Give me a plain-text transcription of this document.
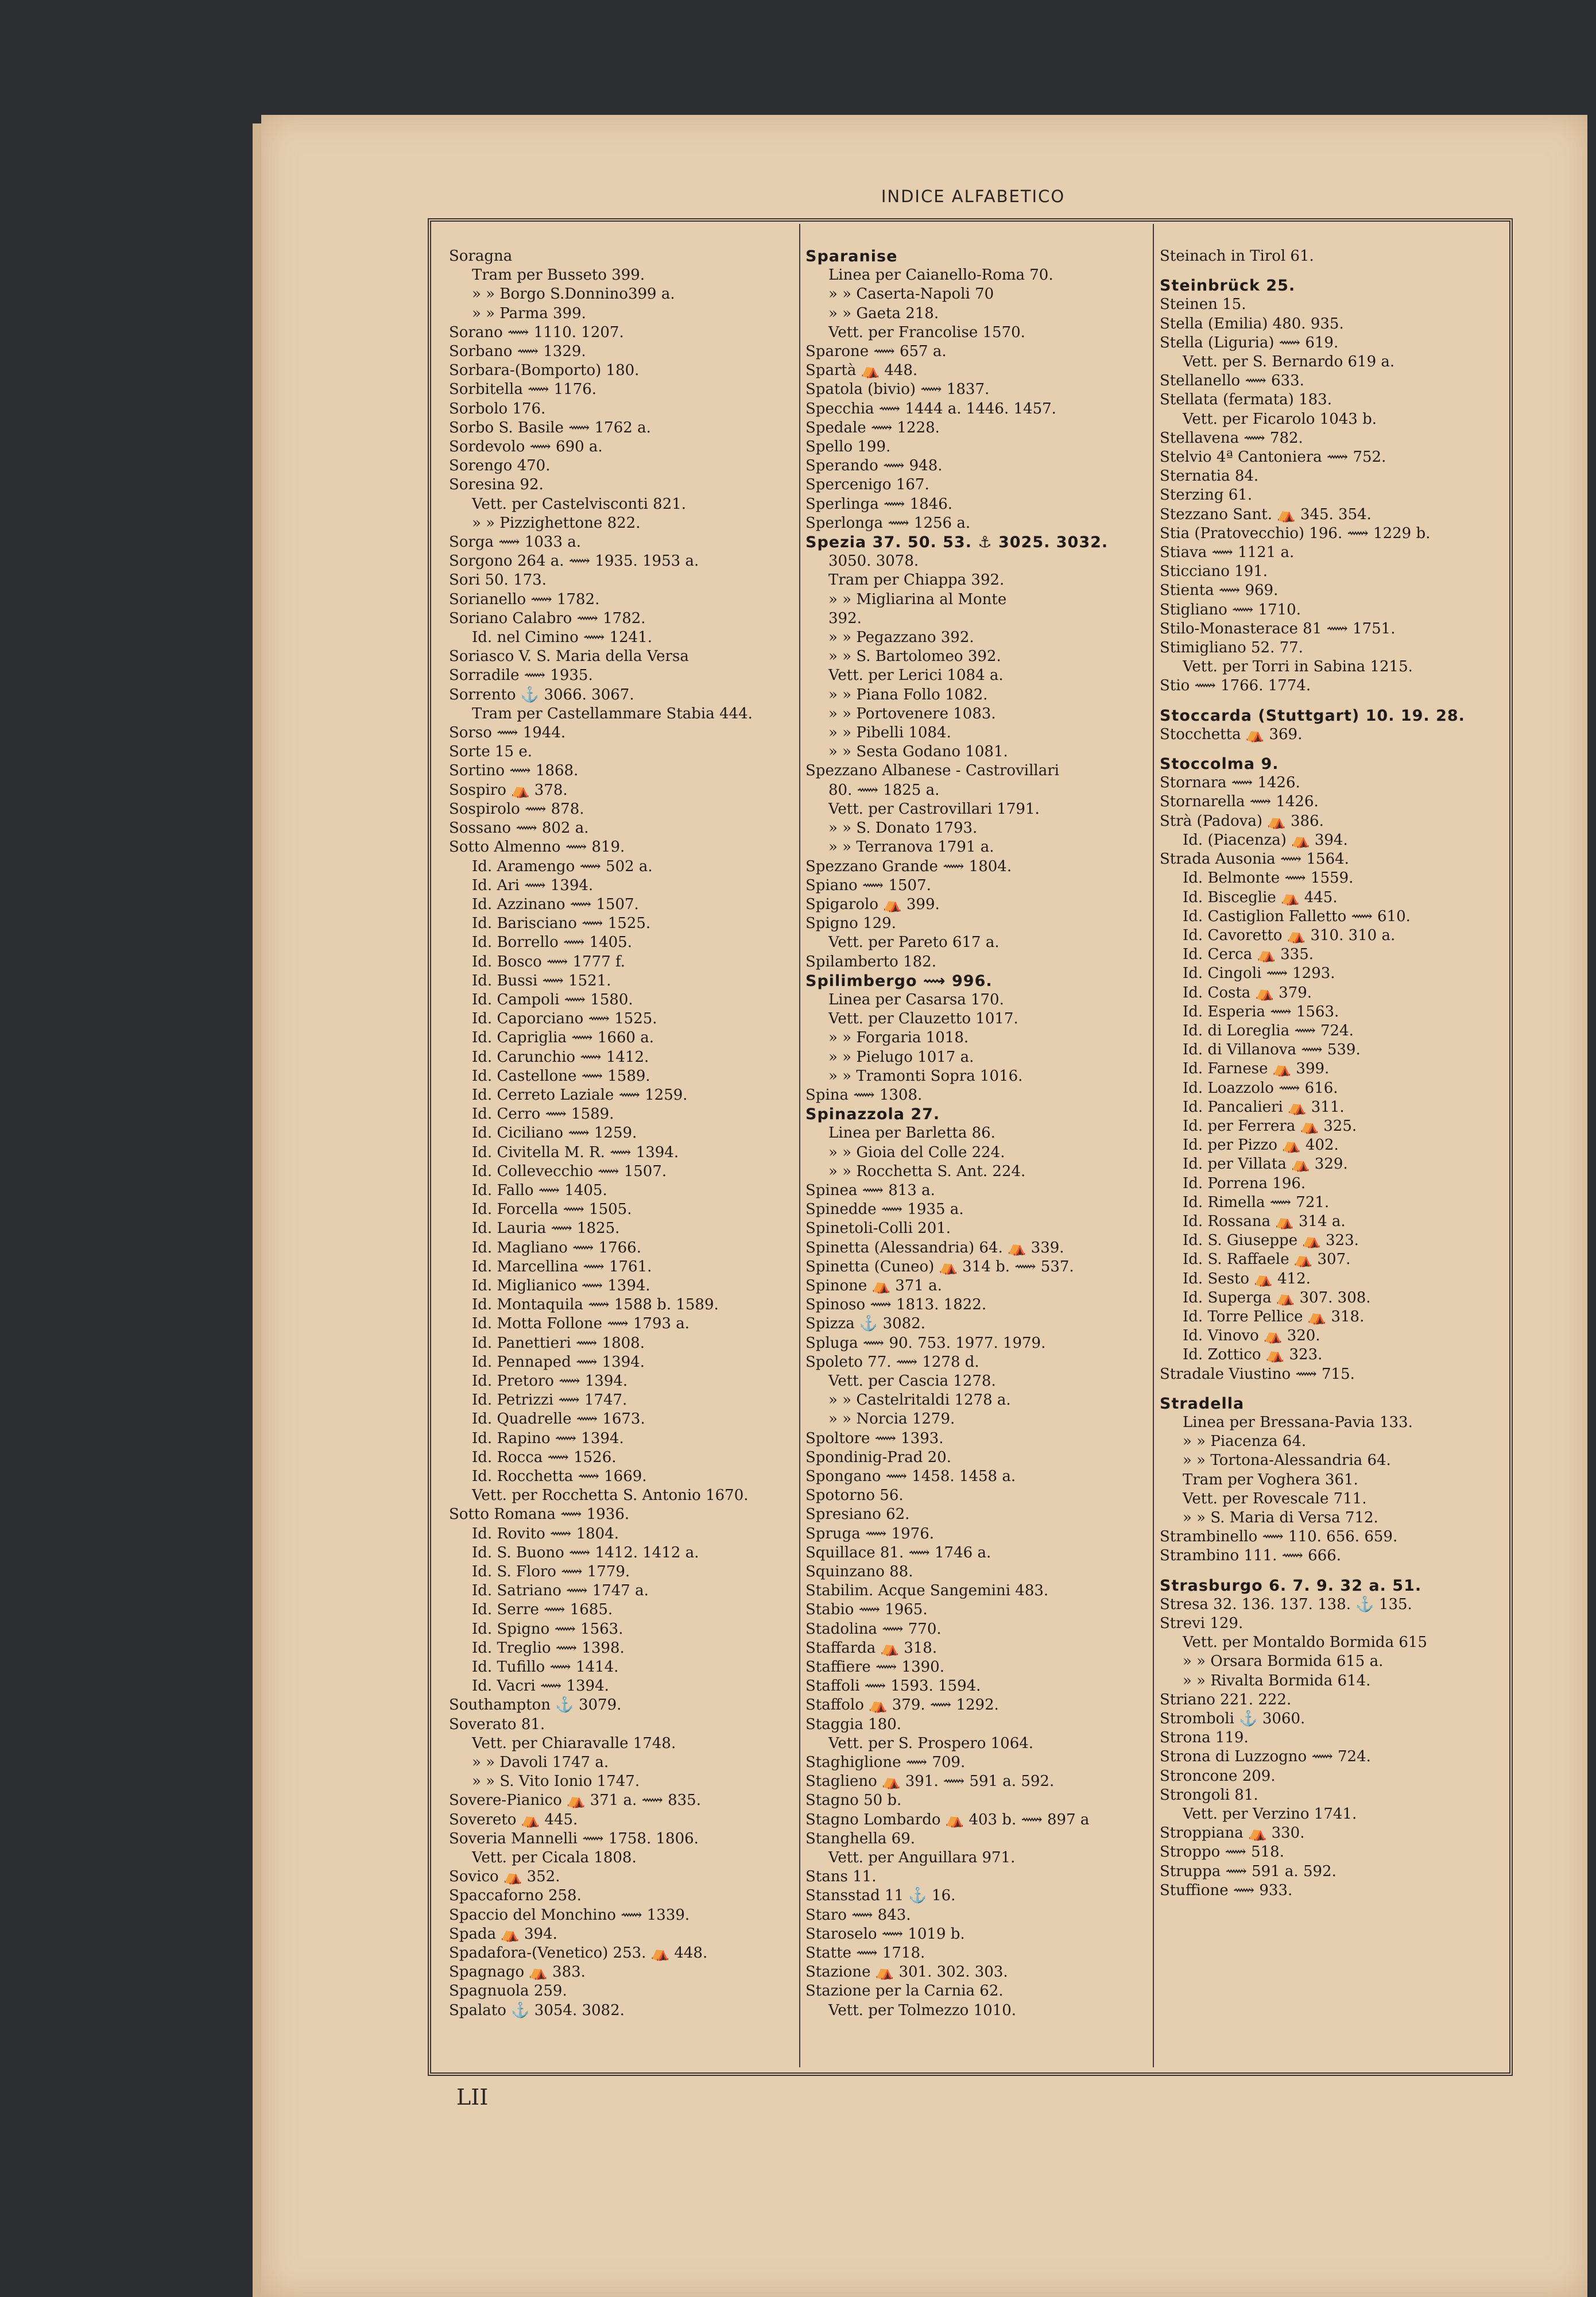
INDICE ALFABETICO
Soragna
Tram per Busseto 399.
» » Borgo S.Donnino399 a.
» » Parma 399.
Sorano ⟿ 1110. 1207.
Sorbano ⟿ 1329.
Sorbara-(Bomporto) 180.
Sorbitella ⟿ 1176.
Sorbolo 176.
Sorbo S. Basile ⟿ 1762 a.
Sordevolo ⟿ 690 a.
Sorengo 470.
Soresina 92.
Vett. per Castelvisconti 821.
» » Pizzighettone 822.
Sorga ⟿ 1033 a.
Sorgono 264 a. ⟿ 1935. 1953 a.
Sori 50. 173.
Sorianello ⟿ 1782.
Soriano Calabro ⟿ 1782.
Id. nel Cimino ⟿ 1241.
Soriasco V. S. Maria della Versa
Sorradile ⟿ 1935.
Sorrento ⚓ 3066. 3067.
Tram per Castellammare Stabia 444.
Sorso ⟿ 1944.
Sorte 15 e.
Sortino ⟿ 1868.
Sospiro ⛺ 378.
Sospirolo ⟿ 878.
Sossano ⟿ 802 a.
Sotto Almenno ⟿ 819.
Id. Aramengo ⟿ 502 a.
Id. Ari ⟿ 1394.
Id. Azzinano ⟿ 1507.
Id. Barisciano ⟿ 1525.
Id. Borrello ⟿ 1405.
Id. Bosco ⟿ 1777 f.
Id. Bussi ⟿ 1521.
Id. Campoli ⟿ 1580.
Id. Caporciano ⟿ 1525.
Id. Capriglia ⟿ 1660 a.
Id. Carunchio ⟿ 1412.
Id. Castellone ⟿ 1589.
Id. Cerreto Laziale ⟿ 1259.
Id. Cerro ⟿ 1589.
Id. Ciciliano ⟿ 1259.
Id. Civitella M. R. ⟿ 1394.
Id. Collevecchio ⟿ 1507.
Id. Fallo ⟿ 1405.
Id. Forcella ⟿ 1505.
Id. Lauria ⟿ 1825.
Id. Magliano ⟿ 1766.
Id. Marcellina ⟿ 1761.
Id. Miglianico ⟿ 1394.
Id. Montaquila ⟿ 1588 b. 1589.
Id. Motta Follone ⟿ 1793 a.
Id. Panettieri ⟿ 1808.
Id. Pennaped ⟿ 1394.
Id. Pretoro ⟿ 1394.
Id. Petrizzi ⟿ 1747.
Id. Quadrelle ⟿ 1673.
Id. Rapino ⟿ 1394.
Id. Rocca ⟿ 1526.
Id. Rocchetta ⟿ 1669.
Vett. per Rocchetta S. Antonio 1670.
Sotto Romana ⟿ 1936.
Id. Rovito ⟿ 1804.
Id. S. Buono ⟿ 1412. 1412 a.
Id. S. Floro ⟿ 1779.
Id. Satriano ⟿ 1747 a.
Id. Serre ⟿ 1685.
Id. Spigno ⟿ 1563.
Id. Treglio ⟿ 1398.
Id. Tufillo ⟿ 1414.
Id. Vacri ⟿ 1394.
Southampton ⚓ 3079.
Soverato 81.
Vett. per Chiaravalle 1748.
» » Davoli 1747 a.
» » S. Vito Ionio 1747.
Sovere-Pianico ⛺ 371 a. ⟿ 835.
Sovereto ⛺ 445.
Soveria Mannelli ⟿ 1758. 1806.
Vett. per Cicala 1808.
Sovico ⛺ 352.
Spaccaforno 258.
Spaccio del Monchino ⟿ 1339.
Spada ⛺ 394.
Spadafora-(Venetico) 253. ⛺ 448.
Spagnago ⛺ 383.
Spagnuola 259.
Spalato ⚓ 3054. 3082.
Sparanise
Linea per Caianello-Roma 70.
» » Caserta-Napoli 70
» » Gaeta 218.
Vett. per Francolise 1570.
Sparone ⟿ 657 a.
Spartà ⛺ 448.
Spatola (bivio) ⟿ 1837.
Specchia ⟿ 1444 a. 1446. 1457.
Spedale ⟿ 1228.
Spello 199.
Sperando ⟿ 948.
Spercenigo 167.
Sperlinga ⟿ 1846.
Sperlonga ⟿ 1256 a.
Spezia 37. 50. 53. ⚓ 3025. 3032.
3050. 3078.
Tram per Chiappa 392.
» » Migliarina al Monte
392.
» » Pegazzano 392.
» » S. Bartolomeo 392.
Vett. per Lerici 1084 a.
» » Piana Follo 1082.
» » Portovenere 1083.
» » Pibelli 1084.
» » Sesta Godano 1081.
Spezzano Albanese - Castrovillari
80. ⟿ 1825 a.
Vett. per Castrovillari 1791.
» » S. Donato 1793.
» » Terranova 1791 a.
Spezzano Grande ⟿ 1804.
Spiano ⟿ 1507.
Spigarolo ⛺ 399.
Spigno 129.
Vett. per Pareto 617 a.
Spilamberto 182.
Spilimbergo ⟿ 996.
Linea per Casarsa 170.
Vett. per Clauzetto 1017.
» » Forgaria 1018.
» » Pielugo 1017 a.
» » Tramonti Sopra 1016.
Spina ⟿ 1308.
Spinazzola 27.
Linea per Barletta 86.
» » Gioia del Colle 224.
» » Rocchetta S. Ant. 224.
Spinea ⟿ 813 a.
Spinedde ⟿ 1935 a.
Spinetoli-Colli 201.
Spinetta (Alessandria) 64. ⛺ 339.
Spinetta (Cuneo) ⛺ 314 b. ⟿ 537.
Spinone ⛺ 371 a.
Spinoso ⟿ 1813. 1822.
Spizza ⚓ 3082.
Spluga ⟿ 90. 753. 1977. 1979.
Spoleto 77. ⟿ 1278 d.
Vett. per Cascia 1278.
» » Castelritaldi 1278 a.
» » Norcia 1279.
Spoltore ⟿ 1393.
Spondinig-Prad 20.
Spongano ⟿ 1458. 1458 a.
Spotorno 56.
Spresiano 62.
Spruga ⟿ 1976.
Squillace 81. ⟿ 1746 a.
Squinzano 88.
Stabilim. Acque Sangemini 483.
Stabio ⟿ 1965.
Stadolina ⟿ 770.
Staffarda ⛺ 318.
Staffiere ⟿ 1390.
Staffoli ⟿ 1593. 1594.
Staffolo ⛺ 379. ⟿ 1292.
Staggia 180.
Vett. per S. Prospero 1064.
Staghiglione ⟿ 709.
Staglieno ⛺ 391. ⟿ 591 a. 592.
Stagno 50 b.
Stagno Lombardo ⛺ 403 b. ⟿ 897 a
Stanghella 69.
Vett. per Anguillara 971.
Stans 11.
Stansstad 11 ⚓ 16.
Staro ⟿ 843.
Staroselo ⟿ 1019 b.
Statte ⟿ 1718.
Stazione ⛺ 301. 302. 303.
Stazione per la Carnia 62.
Vett. per Tolmezzo 1010.
Steinach in Tirol 61.
Steinbrück 25.
Steinen 15.
Stella (Emilia) 480. 935.
Stella (Liguria) ⟿ 619.
Vett. per S. Bernardo 619 a.
Stellanello ⟿ 633.
Stellata (fermata) 183.
Vett. per Ficarolo 1043 b.
Stellavena ⟿ 782.
Stelvio 4ª Cantoniera ⟿ 752.
Sternatia 84.
Sterzing 61.
Stezzano Sant. ⛺ 345. 354.
Stia (Pratovecchio) 196. ⟿ 1229 b.
Stiava ⟿ 1121 a.
Sticciano 191.
Stienta ⟿ 969.
Stigliano ⟿ 1710.
Stilo-Monasterace 81 ⟿ 1751.
Stimigliano 52. 77.
Vett. per Torri in Sabina 1215.
Stio ⟿ 1766. 1774.
Stoccarda (Stuttgart) 10. 19. 28.
Stocchetta ⛺ 369.
Stoccolma 9.
Stornara ⟿ 1426.
Stornarella ⟿ 1426.
Strà (Padova) ⛺ 386.
Id. (Piacenza) ⛺ 394.
Strada Ausonia ⟿ 1564.
Id. Belmonte ⟿ 1559.
Id. Bisceglie ⛺ 445.
Id. Castiglion Falletto ⟿ 610.
Id. Cavoretto ⛺ 310. 310 a.
Id. Cerca ⛺ 335.
Id. Cingoli ⟿ 1293.
Id. Costa ⛺ 379.
Id. Esperia ⟿ 1563.
Id. di Loreglia ⟿ 724.
Id. di Villanova ⟿ 539.
Id. Farnese ⛺ 399.
Id. Loazzolo ⟿ 616.
Id. Pancalieri ⛺ 311.
Id. per Ferrera ⛺ 325.
Id. per Pizzo ⛺ 402.
Id. per Villata ⛺ 329.
Id. Porrena 196.
Id. Rimella ⟿ 721.
Id. Rossana ⛺ 314 a.
Id. S. Giuseppe ⛺ 323.
Id. S. Raffaele ⛺ 307.
Id. Sesto ⛺ 412.
Id. Superga ⛺ 307. 308.
Id. Torre Pellice ⛺ 318.
Id. Vinovo ⛺ 320.
Id. Zottico ⛺ 323.
Stradale Viustino ⟿ 715.
Stradella
Linea per Bressana-Pavia 133.
» » Piacenza 64.
» » Tortona-Alessandria 64.
Tram per Voghera 361.
Vett. per Rovescale 711.
» » S. Maria di Versa 712.
Strambinello ⟿ 110. 656. 659.
Strambino 111. ⟿ 666.
Strasburgo 6. 7. 9. 32 a. 51.
Stresa 32. 136. 137. 138. ⚓ 135.
Strevi 129.
Vett. per Montaldo Bormida 615
» » Orsara Bormida 615 a.
» » Rivalta Bormida 614.
Striano 221. 222.
Stromboli ⚓ 3060.
Strona 119.
Strona di Luzzogno ⟿ 724.
Stroncone 209.
Strongoli 81.
Vett. per Verzino 1741.
Stroppiana ⛺ 330.
Stroppo ⟿ 518.
Struppa ⟿ 591 a. 592.
Stuffione ⟿ 933.
LII
